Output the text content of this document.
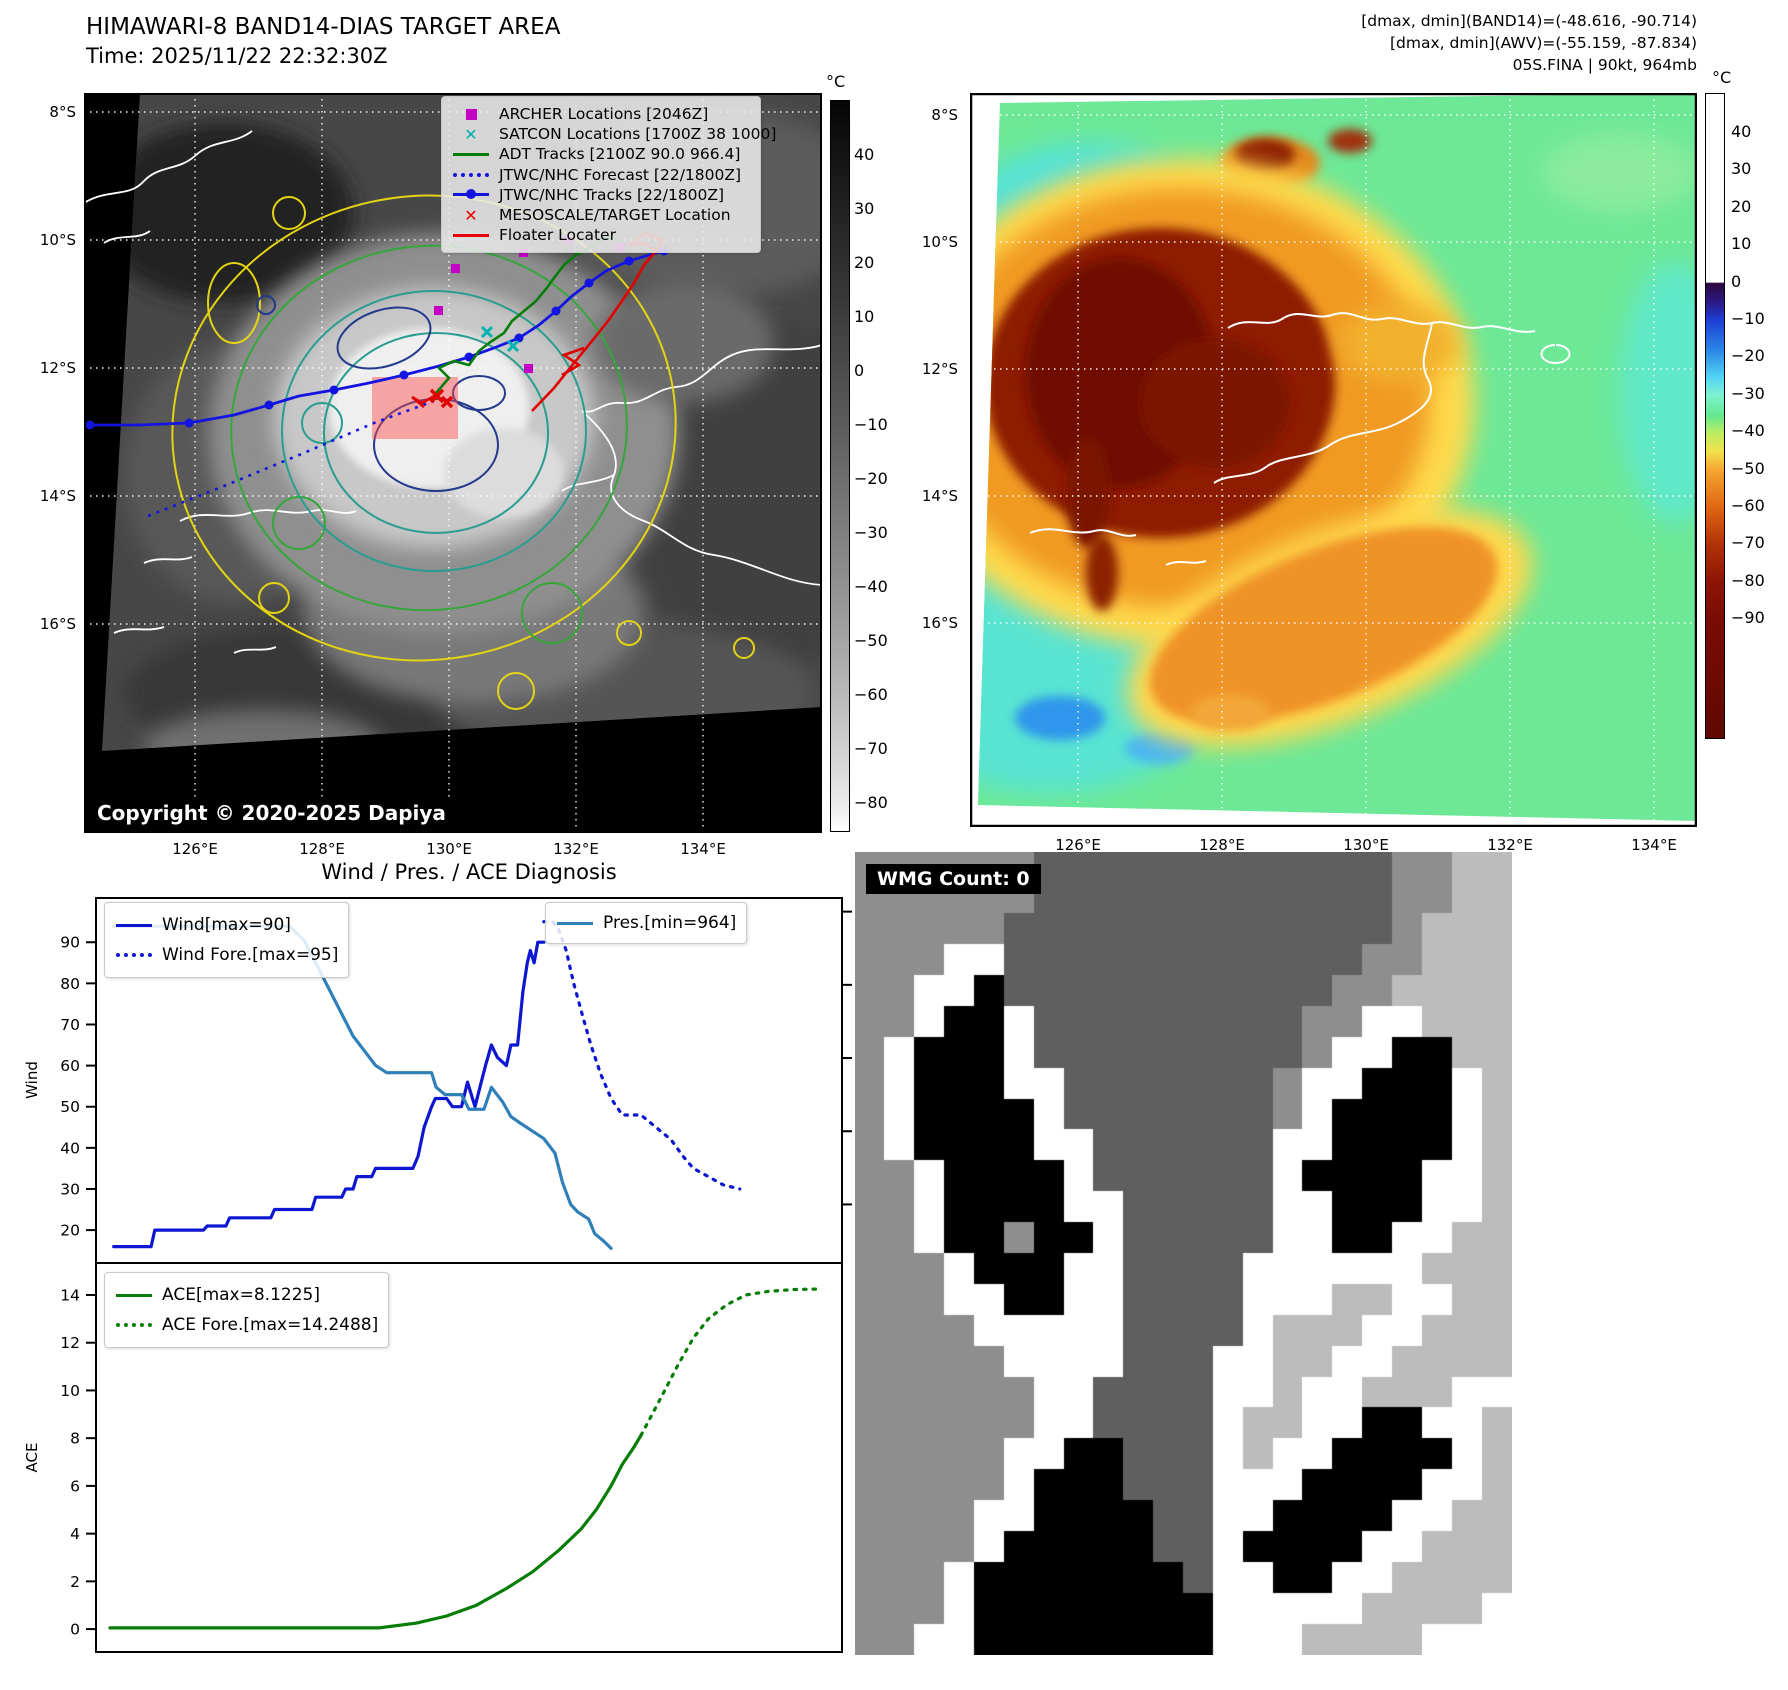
HIMAWARI-8 BAND14-DIAS TARGET AREA
Time: 2025/11/22 22:32:30Z
[dmax, dmin](BAND14)=(-48.616, -90.714)
[dmax, dmin](AWV)=(-55.159, -87.834)
05S.FINA | 90kt, 964mb
ARCHER Locations [2046Z]
✕	SATCON Locations [1700Z 38 1000]
ADT Tracks [2100Z 90.0 966.4]
JTWC/NHC Forecast [22/1800Z]
JTWC/NHC Tracks [22/1800Z]
✕	MESOSCALE/TARGET Location
Floater Locater
Copyright © 2020-2025 Dapiya
°C	°C
Wind / Pres. / ACE Diagnosis
20
30
40
50
60
70
80
90
Wind
0
2
4
6
8
10
12
14
ACE
Wind[max=90]
Wind Fore.[max=95]
Pres.[min=964]
ACE[max=8.1225]
ACE Fore.[max=14.2488]
WMG Count: 0
126°E	128°E	130°E	132°E	134°E
8°S
10°S
12°S
14°S
16°S
126°E	128°E	130°E	132°E	134°E
8°S
10°S
12°S
14°S
16°S
40
30
20
10
0
−10
−20
−30
−40
−50
−60
−70
−80
40
30
20
10
0
−10
−20
−30
−40
−50
−60
−70
−80
−90
